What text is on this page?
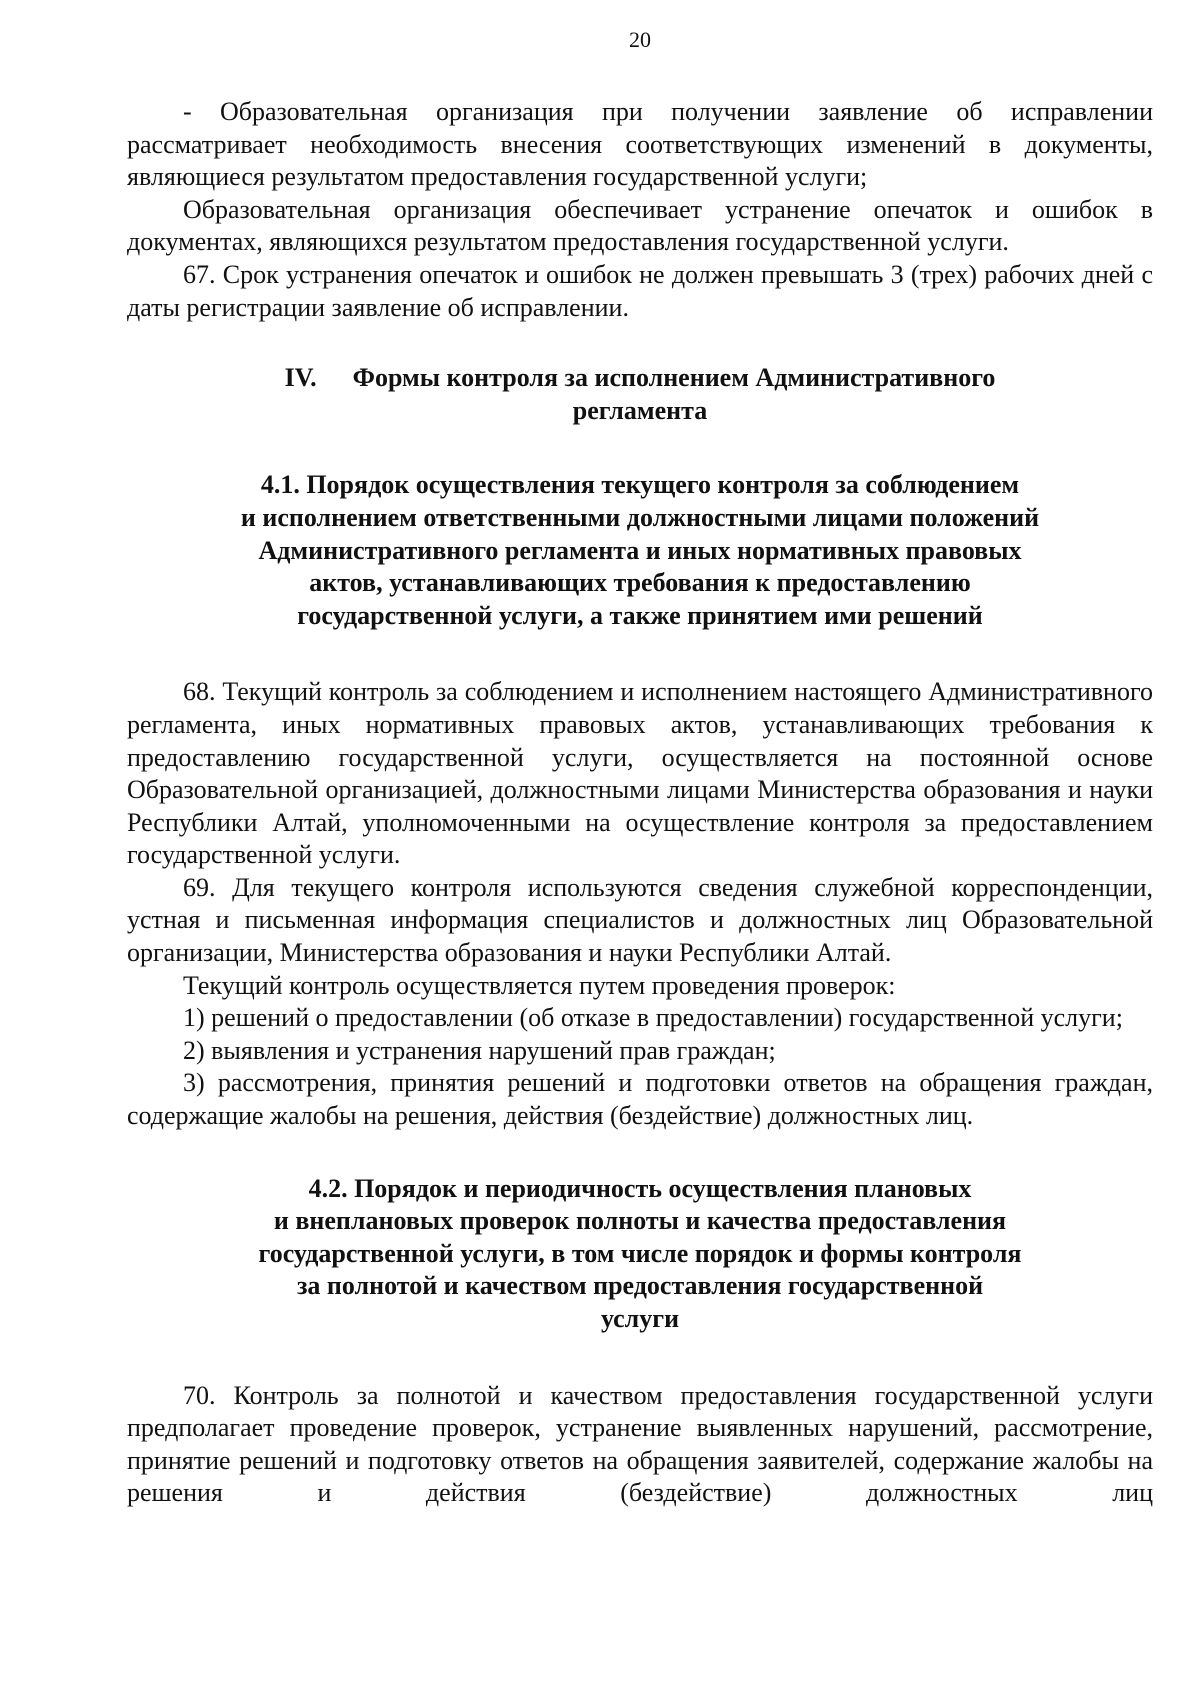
20

- Образовательная организация при получении заявление об исправлении рассматривает необходимость внесения соответствующих изменений в документы, являющиеся результатом предоставления государственной услуги;

Образовательная организация обеспечивает устранение опечаток и ошибок в документах, являющихся результатом предоставления государственной услуги.

67. Срок устранения опечаток и ошибок не должен превышать 3 (трех) рабочих дней с даты регистрации заявление об исправлении.

IV. Формы контроля за исполнением Административного
регламента
4.1. Порядок осуществления текущего контроля за соблюдением
и исполнением ответственными должностными лицами положений
Административного регламента и иных нормативных правовых
актов, устанавливающих требования к предоставлению
государственной услуги, а также принятием ими решений

68. Текущий контроль за соблюдением и исполнением настоящего Административного регламента, иных нормативных правовых актов, устанавливающих требования к предоставлению государственной услуги, осуществляется на постоянной основе Образовательной организацией, должностными лицами Министерства образования и науки Республики Алтай, уполномоченными на осуществление контроля за предоставлением государственной услуги.

69. Для текущего контроля используются сведения служебной корреспонденции, устная и письменная информация специалистов и должностных лиц Образовательной организации, Министерства образования и науки Республики Алтай.

Текущий контроль осуществляется путем проведения проверок:

1) решений о предоставлении (об отказе в предоставлении) государственной услуги;

2) выявления и устранения нарушений прав граждан;

3) рассмотрения, принятия решений и подготовки ответов на обращения граждан, содержащие жалобы на решения, действия (бездействие) должностных лиц.

4.2. Порядок и периодичность осуществления плановых
и внеплановых проверок полноты и качества предоставления
государственной услуги, в том числе порядок и формы контроля
за полнотой и качеством предоставления государственной
услуги

70. Контроль за полнотой и качеством предоставления государственной услуги предполагает проведение проверок, устранение выявленных нарушений, рассмотрение, принятие решений и подготовку ответов на обращения заявителей, содержание жалобы на решения и действия (бездействие) должностных лиц
